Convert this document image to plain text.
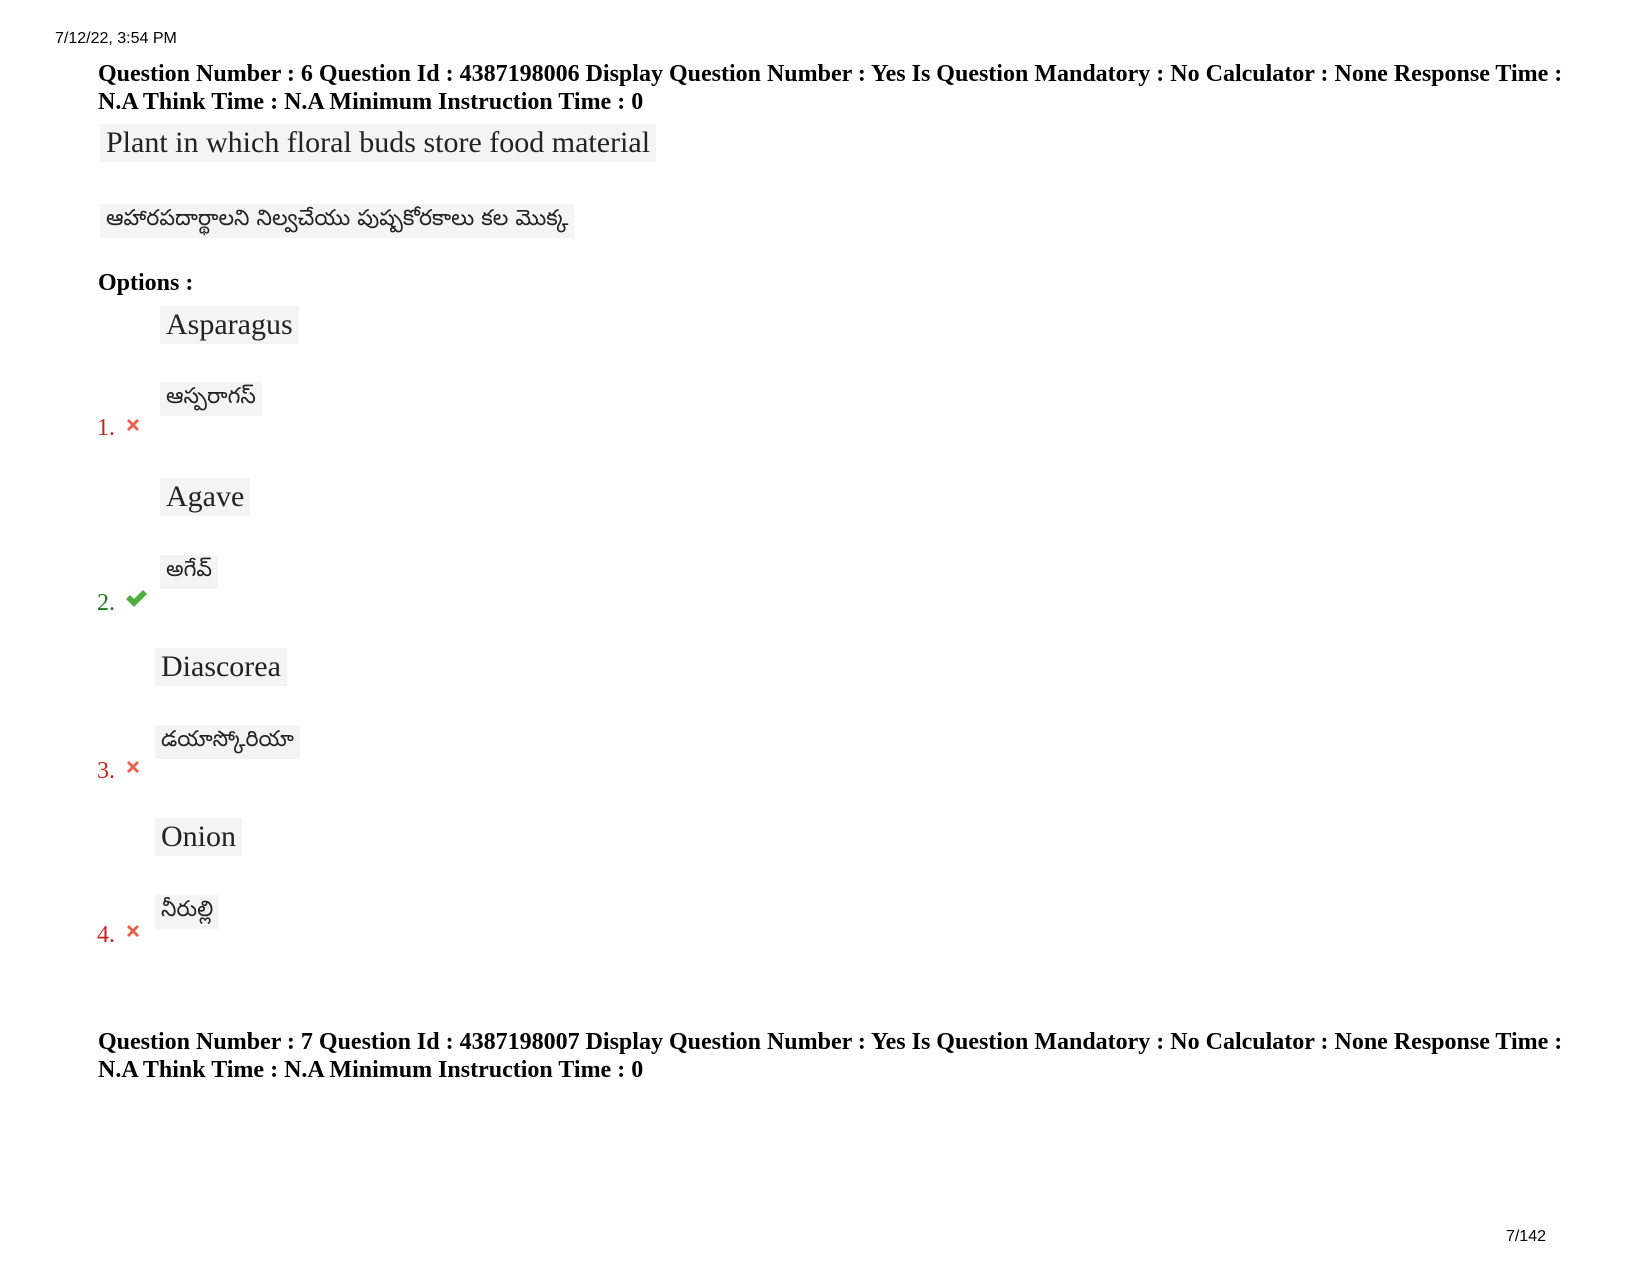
7/12/22, 3:54 PM
Question Number : 6 Question Id : 4387198006 Display Question Number : Yes Is Question Mandatory : No Calculator : None Response Time : N.A Think Time : N.A Minimum Instruction Time : 0
Plant in which floral buds store food material
ఆహారపదార్థాలని నిల్వచేయు పుష్పకోరకాలు కల మొక్క
Options :
Asparagus
ఆస్పరాగస్
1.
Agave
అగేవ్
2.
Diascorea
డయాస్కోరియా
3.
Onion
నీరుల్లి
4.
Question Number : 7 Question Id : 4387198007 Display Question Number : Yes Is Question Mandatory : No Calculator : None Response Time : N.A Think Time : N.A Minimum Instruction Time : 0
7/142
